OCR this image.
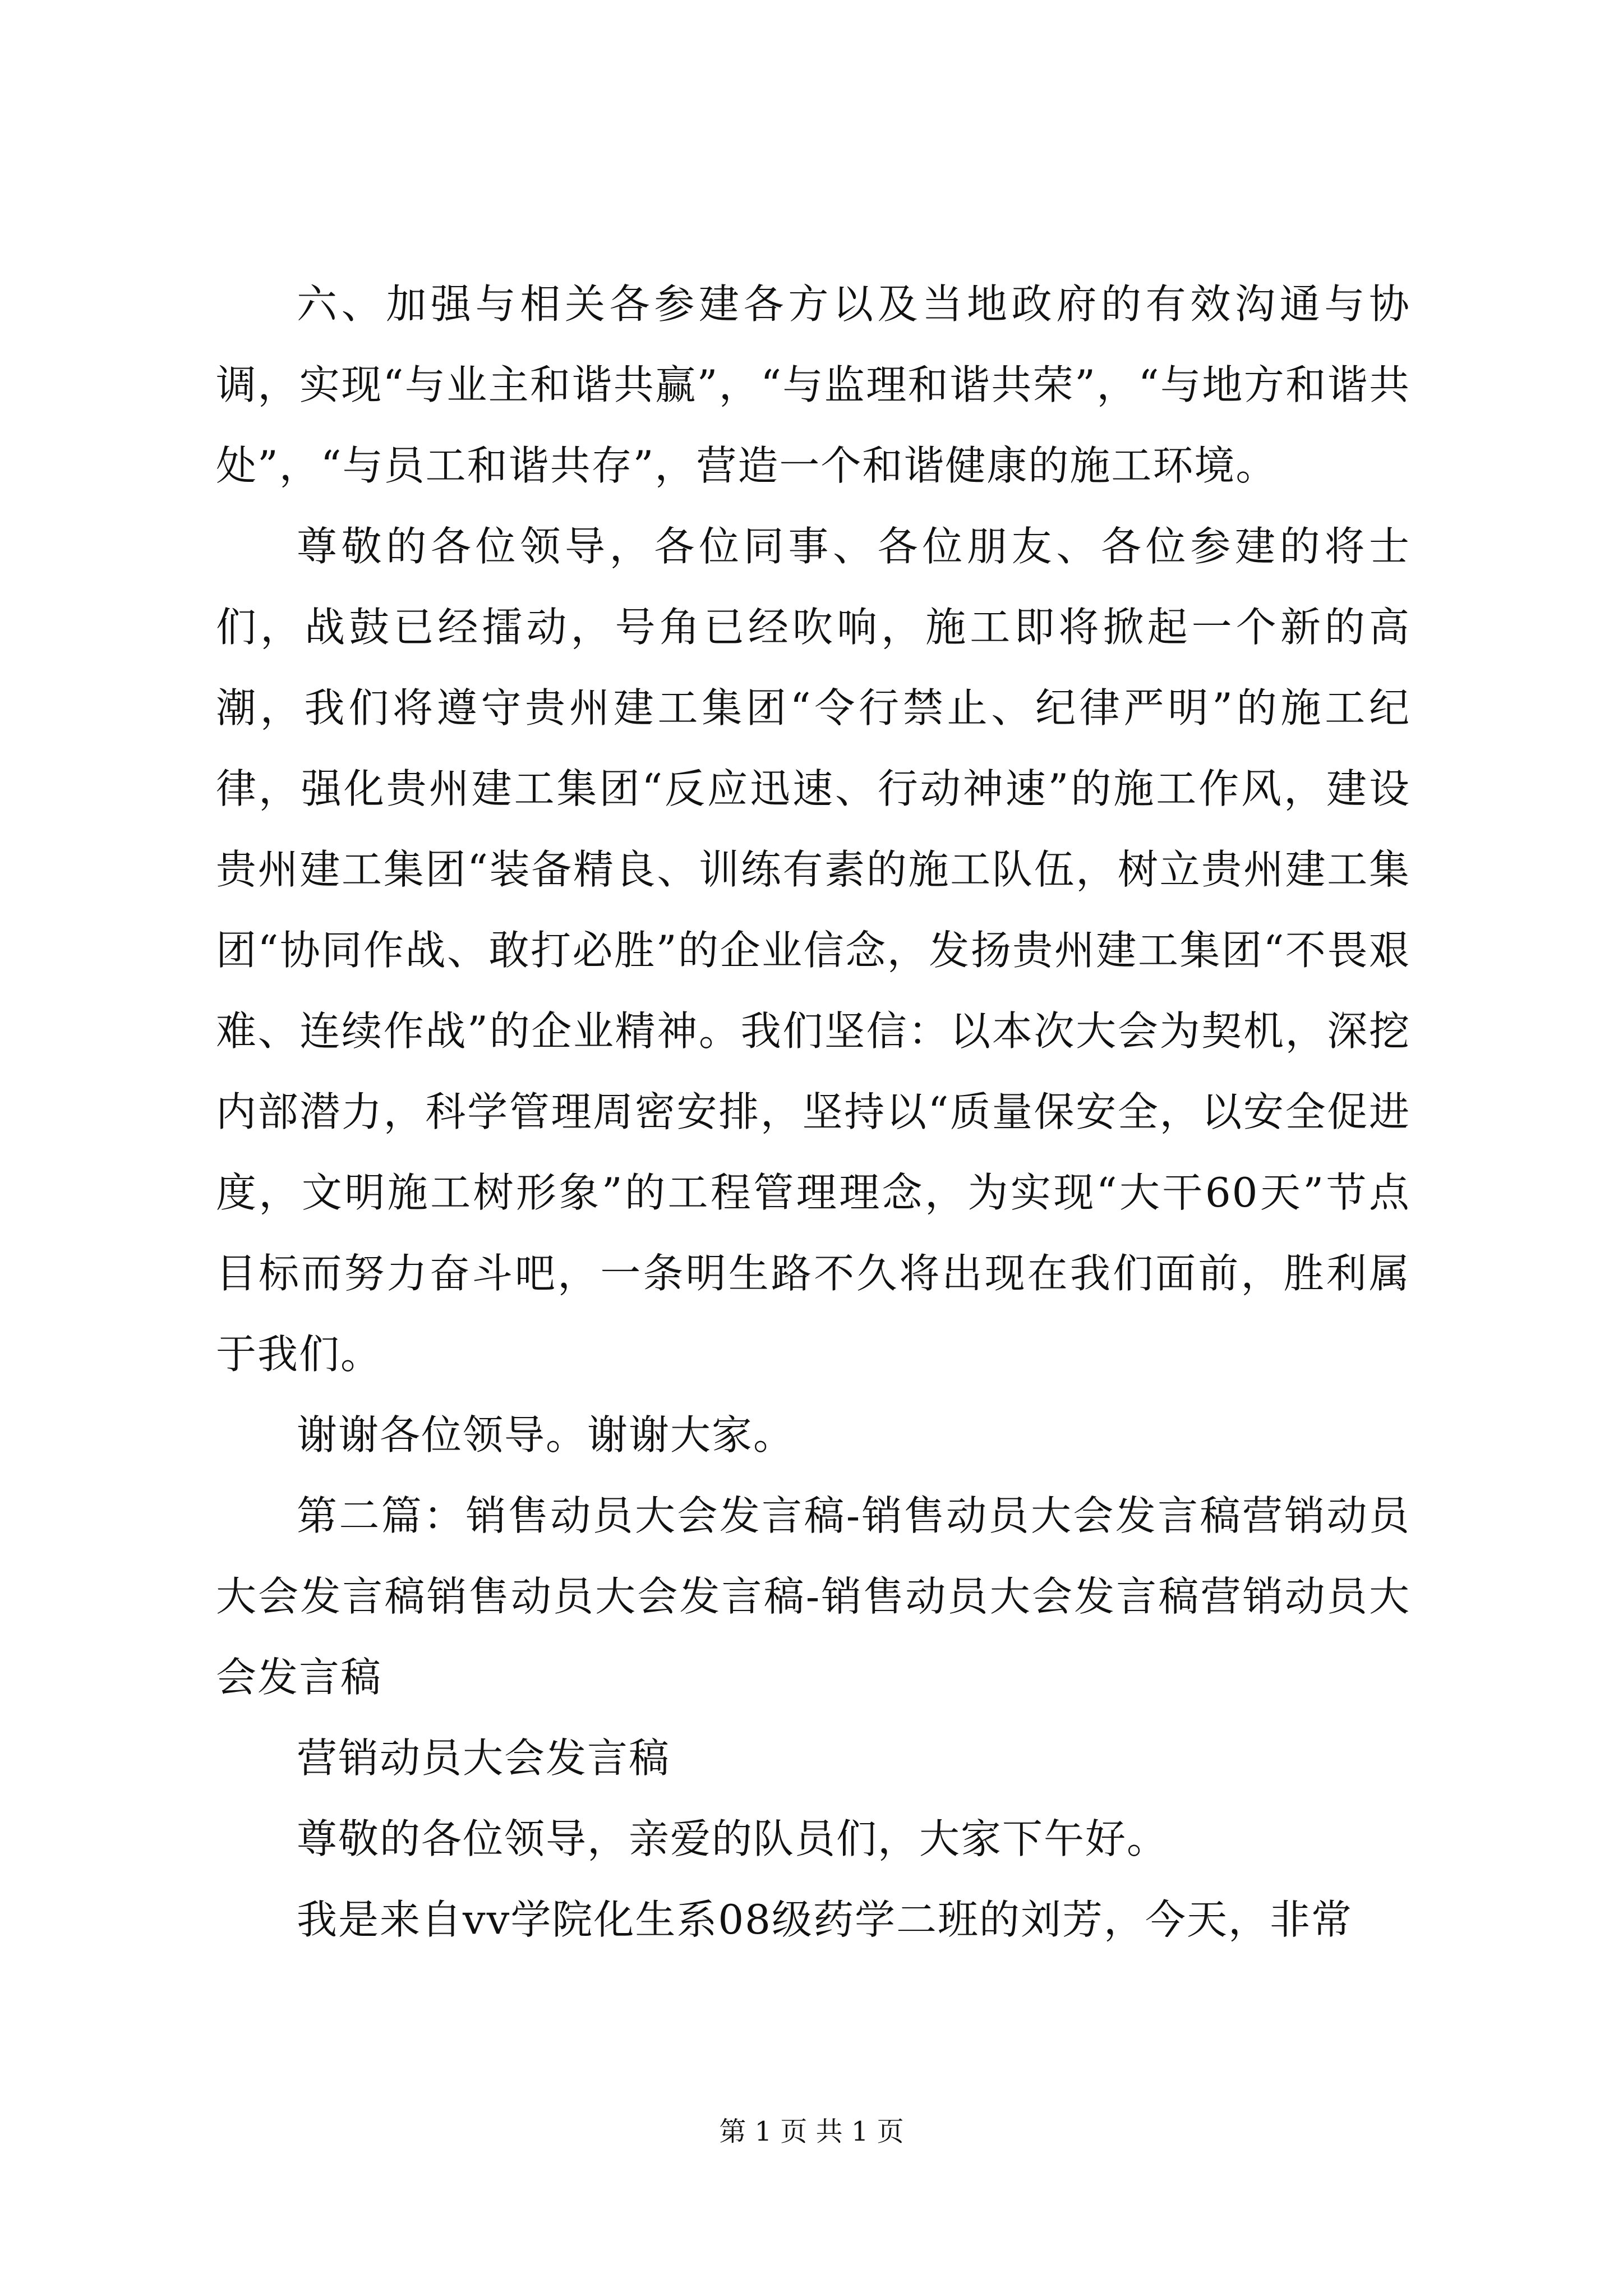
六、加强与相关各参建各方以及当地政府的有效沟通与协调，实现“与业主和谐共赢”，“与监理和谐共荣”，“与地方和谐共处”，“与员工和谐共存”，营造一个和谐健康的施工环境。

尊敬的各位领导，各位同事、各位朋友、各位参建的将士们，战鼓已经擂动，号角已经吹响，施工即将掀起一个新的高潮，我们将遵守贵州建工集团“令行禁止、纪律严明”的施工纪律，强化贵州建工集团“反应迅速、行动神速”的施工作风，建设贵州建工集团“装备精良、训练有素的施工队伍，树立贵州建工集团“协同作战、敢打必胜”的企业信念，发扬贵州建工集团“不畏艰难、连续作战”的企业精神。我们坚信：以本次大会为契机，深挖内部潜力，科学管理周密安排，坚持以“质量保安全，以安全促进度，文明施工树形象”的工程管理理念，为实现“大干60天”节点目标而努力奋斗吧，一条明生路不久将出现在我们面前，胜利属于我们。

谢谢各位领导。谢谢大家。

第二篇：销售动员大会发言稿-销售动员大会发言稿营销动员大会发言稿销售动员大会发言稿-销售动员大会发言稿营销动员大会发言稿

营销动员大会发言稿

尊敬的各位领导，亲爱的队员们，大家下午好。

我是来自vv学院化生系08级药学二班的刘芳，今天，非常

第 1 页 共 1 页
